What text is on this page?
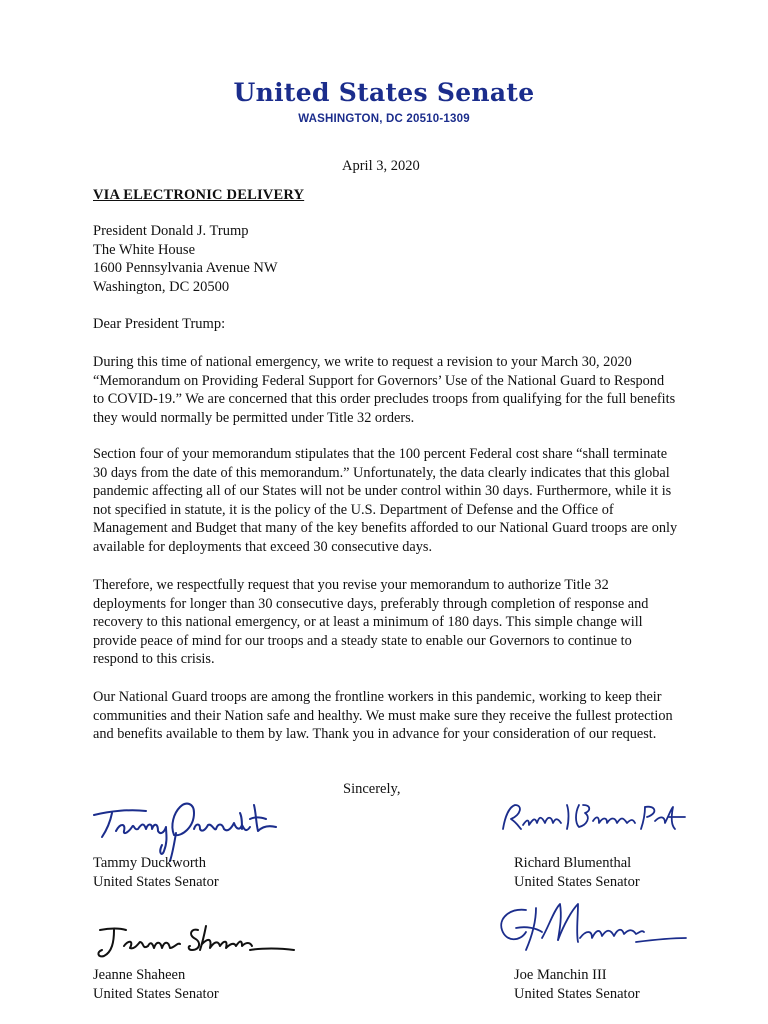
United States Senate
WASHINGTON, DC 20510-1309
April 3, 2020
VIA ELECTRONIC DELIVERY
President Donald J. Trump
The White House
1600 Pennsylvania Avenue NW
Washington, DC 20500
Dear President Trump:
During this time of national emergency, we write to request a revision to your March 30, 2020 “Memorandum on Providing Federal Support for Governors’ Use of the National Guard to Respond to COVID-19.” We are concerned that this order precludes troops from qualifying for the full benefits they would normally be permitted under Title 32 orders.
Section four of your memorandum stipulates that the 100 percent Federal cost share “shall terminate 30 days from the date of this memorandum.” Unfortunately, the data clearly indicates that this global pandemic affecting all of our States will not be under control within 30 days. Furthermore, while it is not specified in statute, it is the policy of the U.S. Department of Defense and the Office of Management and Budget that many of the key benefits afforded to our National Guard troops are only available for deployments that exceed 30 consecutive days.
Therefore, we respectfully request that you revise your memorandum to authorize Title 32 deployments for longer than 30 consecutive days, preferably through completion of response and recovery to this national emergency, or at least a minimum of 180 days. This simple change will provide peace of mind for our troops and a steady state to enable our Governors to continue to respond to this crisis.
Our National Guard troops are among the frontline workers in this pandemic, working to keep their communities and their Nation safe and healthy. We must make sure they receive the fullest protection and benefits available to them by law. Thank you in advance for your consideration of our request.
Sincerely,
Tammy Duckworth
United States Senator
Richard Blumenthal
United States Senator
Jeanne Shaheen
United States Senator
Joe Manchin III
United States Senator
